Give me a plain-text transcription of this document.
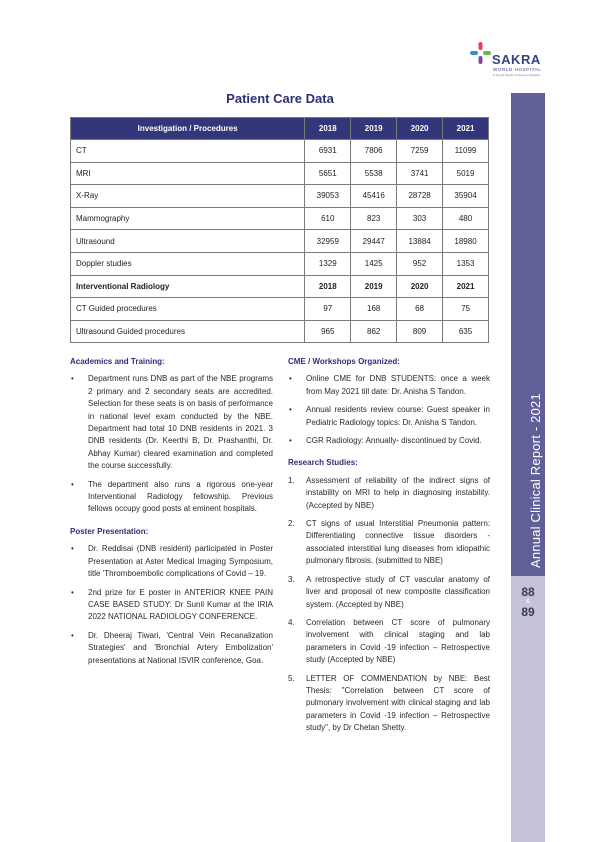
SAKRA
WORLD HOSPITAL
A Toyota Tsusho & Secom Hospital
Annual Clinical Report - 2021
88
&
89
Patient Care Data
Investigation / Procedures	2018	2019	2020	2021
CT	6931	7806	7259	11099
MRI	5651	5538	3741	5019
X-Ray	39053	45416	28728	35904
Mammography	610	823	303	480
Ultrasound	32959	29447	13884	18980
Doppler studies	1329	1425	952	1353
Interventional Radiology	2018	2019	2020	2021
CT Guided procedures	97	168	68	75
Ultrasound Guided procedures	965	862	809	635
Academics and Training:
• Department runs DNB as part of the NBE programs 2 primary and 2 secondary seats are accredited. Selection for these seats is on basis of performance in national level exam conducted by the NBE. Department had total 10 DNB residents in 2021. 3 DNB residents (Dr. Keerthi B, Dr. Prashanthi, Dr. Abhay Kumar) cleared examination and completed the course successfully.
• The department also runs a rigorous one-year Interventional Radiology fellowship. Previous fellows occupy good posts at eminent hospitals.
Poster Presentation:
• Dr. Reddisai (DNB resident) participated in Poster Presentation at Aster Medical Imaging Symposium, title 'Thromboembolic complications of Covid – 19.
• 2nd prize for E poster in ANTERIOR KNEE PAIN CASE BASED STUDY: Dr Sunil Kumar at the IRIA 2022 NATIONAL RADIOLOGY CONFERENCE.
• Dr. Dheeraj Tiwari, 'Central Vein Recanalization Strategies' and 'Bronchial Artery Embolization' presentations at National ISVIR conference, Goa.
CME / Workshops Organized:
• Online CME for DNB STUDENTS: once a week from May 2021 till date: Dr. Anisha S Tandon.
• Annual residents review course: Guest speaker in Pediatric Radiology topics: Dr. Anisha S Tandon.
• CGR Radiology: Annually- discontinued by Covid.
Research Studies:
1. Assessment of reliability of the indirect signs of instability on MRI to help in diagnosing instability. (Accepted by NBE)
2. CT signs of usual Interstitial Pneumonia pattern: Differentiating connective tissue disorders - associated interstitial lung diseases from idiopathic pulmonary fibrosis. (submitted to NBE)
3. A retrospective study of CT vascular anatomy of liver and proposal of new composite classification system. (Accepted by NBE)
4. Correlation between CT score of pulmonary involvement with clinical staging and lab parameters in Covid -19 infection – Retrospective study (Accepted by NBE)
5. LETTER OF COMMENDATION by NBE: Best Thesis: "Correlation between CT score of pulmonary involvement with clinical staging and lab parameters in Covid -19 infection – Retrospective study", by Dr Chetan Shetty.
